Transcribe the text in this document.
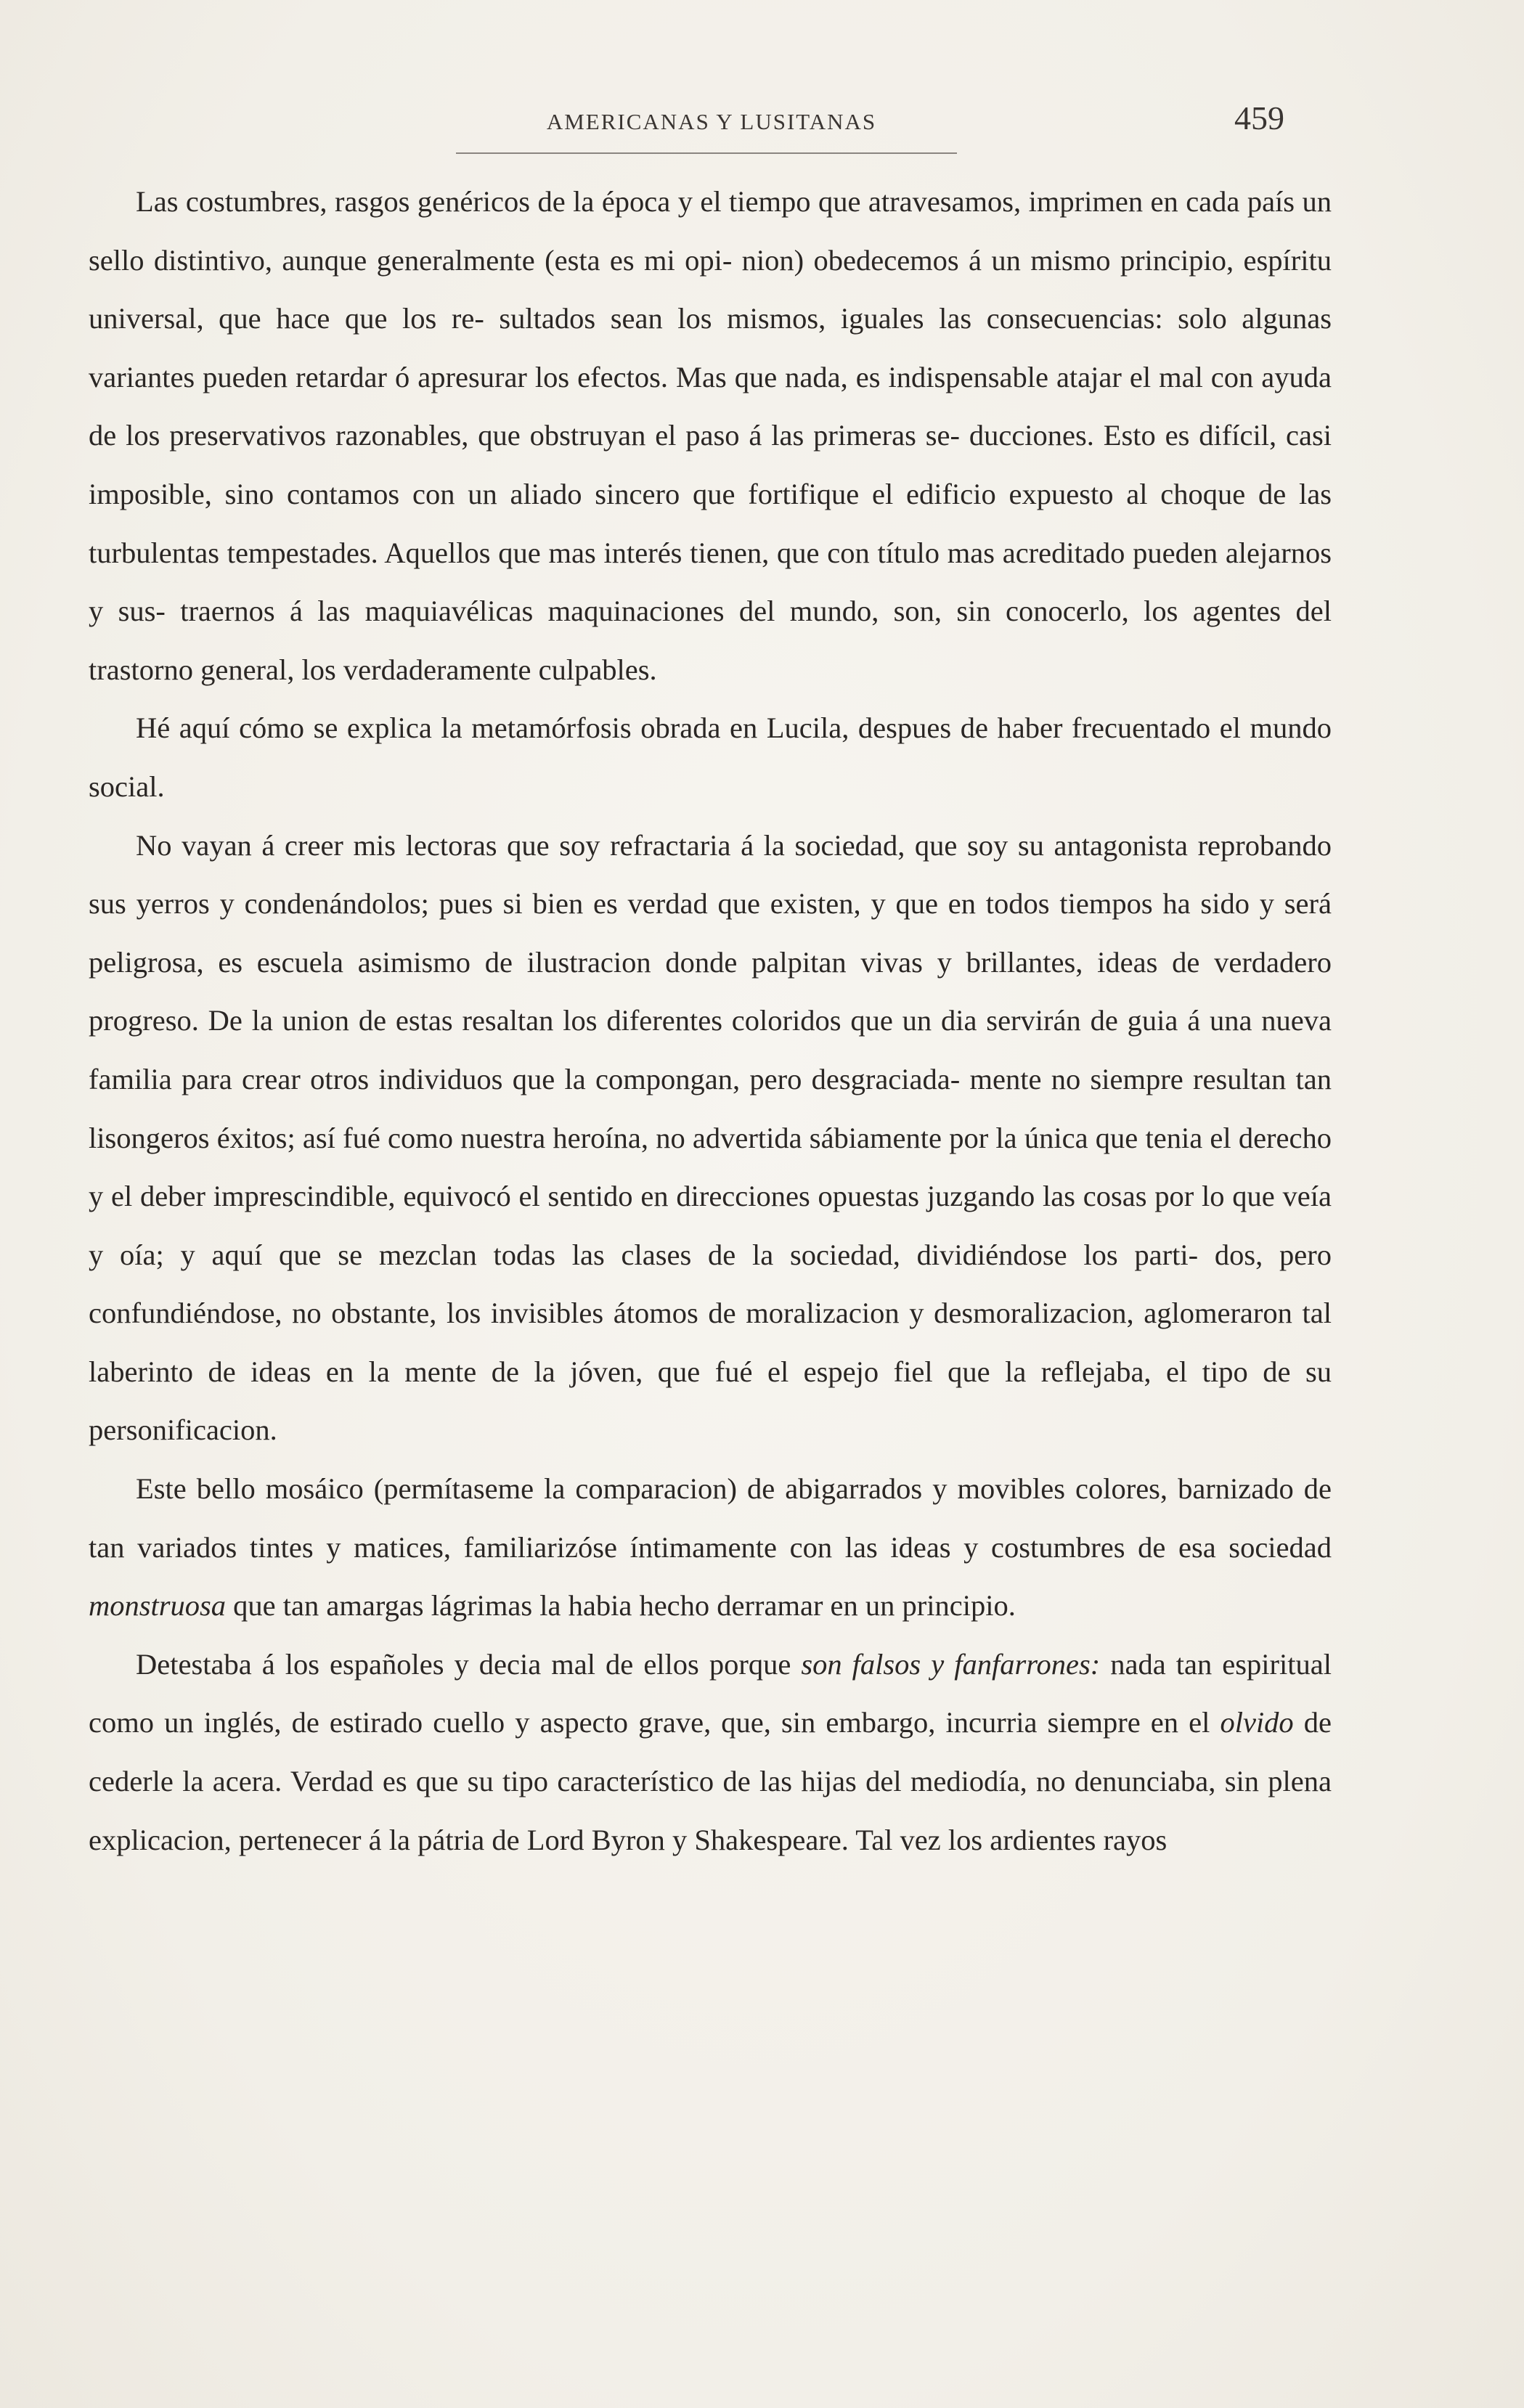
AMERICANAS Y LUSITANAS	459

Las costumbres, rasgos genéricos de la época y el tiempo que atravesamos, imprimen en cada país un sello distintivo, aunque generalmente (esta es mi opi- nion) obedecemos á un mismo principio, espíritu universal, que hace que los re- sultados sean los mismos, iguales las consecuencias: solo algunas variantes pueden retardar ó apresurar los efectos. Mas que nada, es indispensable atajar el mal con ayuda de los preservativos razonables, que obstruyan el paso á las primeras se- ducciones. Esto es difícil, casi imposible, sino contamos con un aliado sincero que fortifique el edificio expuesto al choque de las turbulentas tempestades. Aquellos que mas interés tienen, que con título mas acreditado pueden alejarnos y sus- traernos á las maquiavélicas maquinaciones del mundo, son, sin conocerlo, los agentes del trastorno general, los verdaderamente culpables.

Hé aquí cómo se explica la metamórfosis obrada en Lucila, despues de haber frecuentado el mundo social.

No vayan á creer mis lectoras que soy refractaria á la sociedad, que soy su antagonista reprobando sus yerros y condenándolos; pues si bien es verdad que existen, y que en todos tiempos ha sido y será peligrosa, es escuela asimismo de ilustracion donde palpitan vivas y brillantes, ideas de verdadero progreso. De la union de estas resaltan los diferentes coloridos que un dia servirán de guia á una nueva familia para crear otros individuos que la compongan, pero desgraciada- mente no siempre resultan tan lisongeros éxitos; así fué como nuestra heroína, no advertida sábiamente por la única que tenia el derecho y el deber imprescindible, equivocó el sentido en direcciones opuestas juzgando las cosas por lo que veía y oía; y aquí que se mezclan todas las clases de la sociedad, dividiéndose los parti- dos, pero confundiéndose, no obstante, los invisibles átomos de moralizacion y desmoralizacion, aglomeraron tal laberinto de ideas en la mente de la jóven, que fué el espejo fiel que la reflejaba, el tipo de su personificacion.

Este bello mosáico (permítaseme la comparacion) de abigarrados y movibles colores, barnizado de tan variados tintes y matices, familiarizóse íntimamente con las ideas y costumbres de esa sociedad monstruosa que tan amargas lágrimas la habia hecho derramar en un principio.

Detestaba á los españoles y decia mal de ellos porque son falsos y fanfarrones: nada tan espiritual como un inglés, de estirado cuello y aspecto grave, que, sin embargo, incurria siempre en el olvido de cederle la acera. Verdad es que su tipo característico de las hijas del mediodía, no denunciaba, sin plena explicacion, pertenecer á la pátria de Lord Byron y Shakespeare. Tal vez los ardientes rayos
